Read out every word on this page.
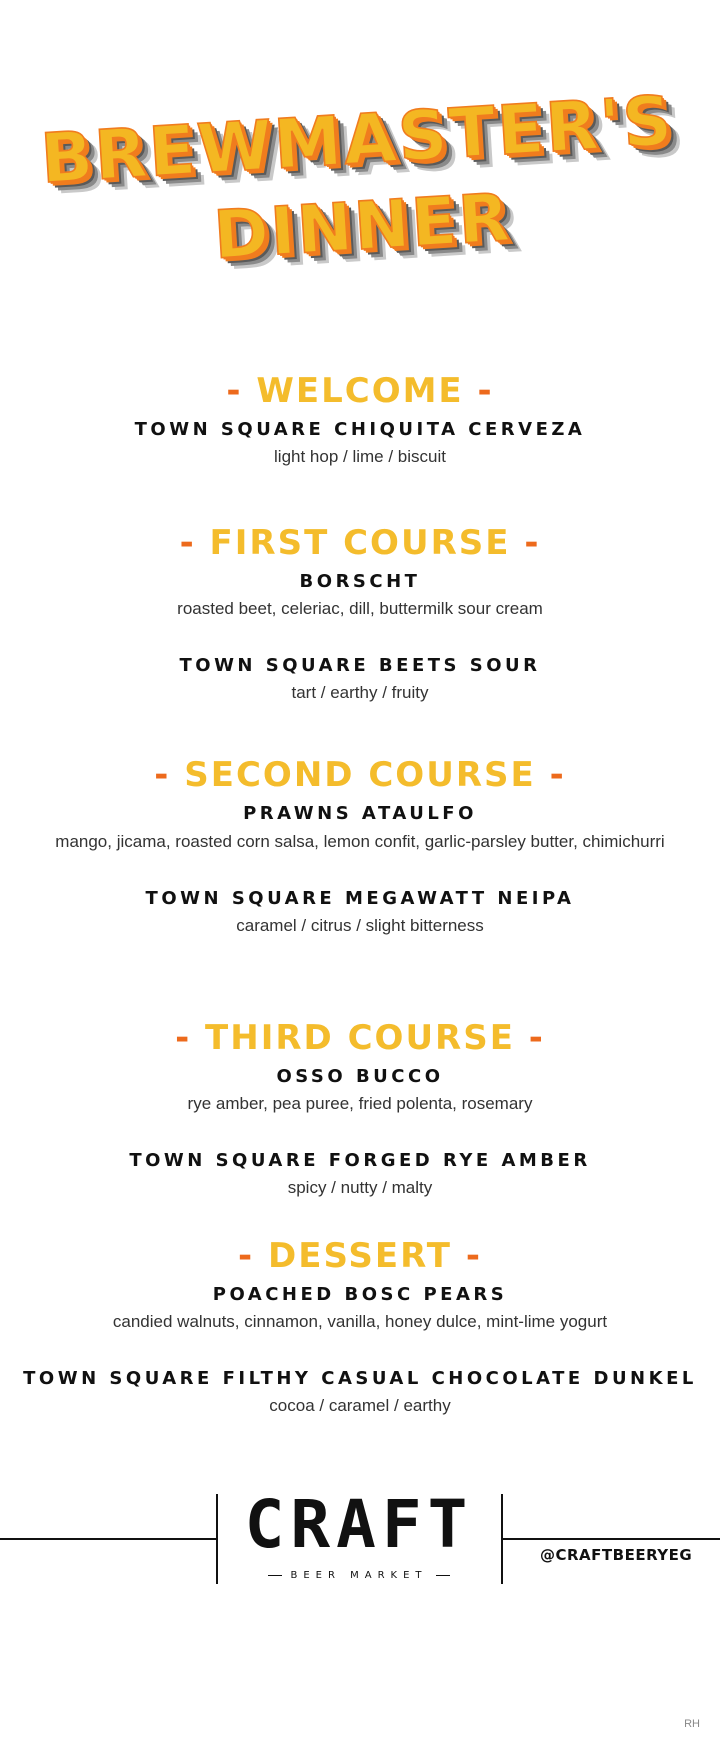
BREWMASTER'S
DINNER
- WELCOME -
TOWN SQUARE CHIQUITA CERVEZA
light hop / lime / biscuit
- FIRST COURSE -
BORSCHT
roasted beet, celeriac, dill, buttermilk sour cream
TOWN SQUARE BEETS SOUR
tart / earthy / fruity
- SECOND COURSE -
PRAWNS ATAULFO
mango, jicama, roasted corn salsa, lemon confit, garlic-parsley butter, chimichurri
TOWN SQUARE MEGAWATT NEIPA
caramel / citrus / slight bitterness
- THIRD COURSE -
OSSO BUCCO
rye amber, pea puree, fried polenta, rosemary
TOWN SQUARE FORGED RYE AMBER
spicy / nutty / malty
- DESSERT -
POACHED BOSC PEARS
candied walnuts, cinnamon, vanilla, honey dulce, mint-lime yogurt
TOWN SQUARE FILTHY CASUAL CHOCOLATE DUNKEL
cocoa / caramel / earthy
CRAFT
BEER MARKET
@CRAFTBEERYEG
RH
